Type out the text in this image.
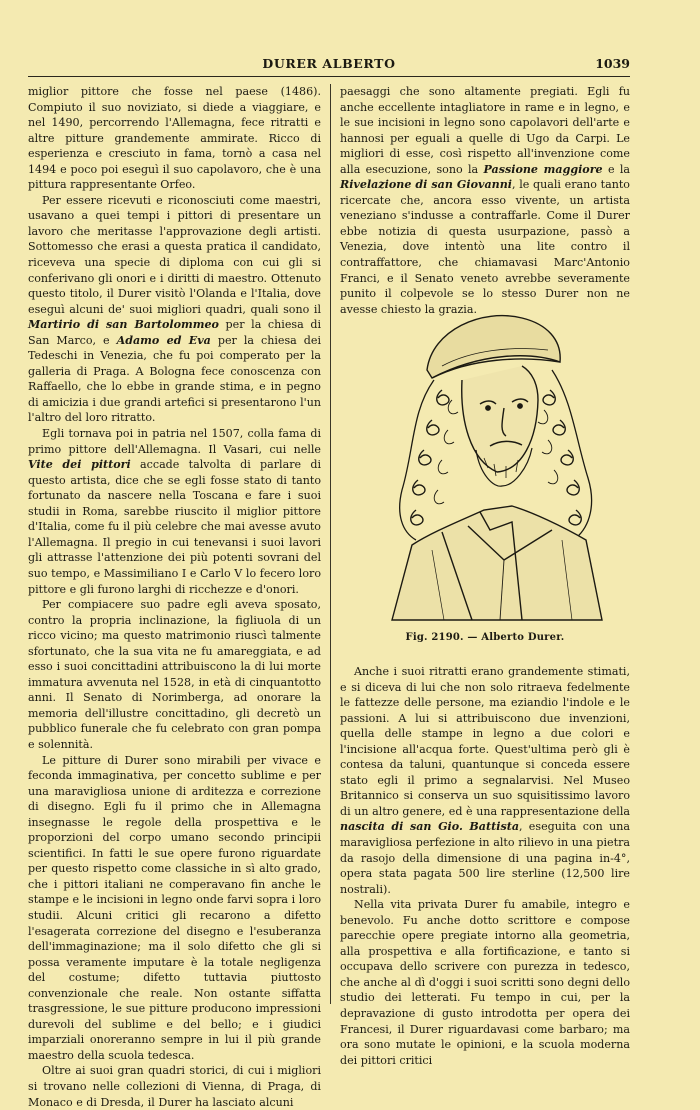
DURER ALBERTO	1039

miglior pittore che fosse nel paese (1486). Compiuto il suo noviziato, si diede a viaggiare, e nel 1490, percorrendo l'Allemagna, fece ritratti e altre pitture grandemente ammirate. Ricco di esperienza e cresciuto in fama, tornò a casa nel 1494 e poco poi eseguì il suo capolavoro, che è una pittura rappresentante Orfeo.

Per essere ricevuti e riconosciuti come maestri, usavano a quei tempi i pittori di presentare un lavoro che meritasse l'approvazione degli artisti. Sottomesso che erasi a questa pratica il candidato, riceveva una specie di diploma con cui gli si conferivano gli onori e i diritti di maestro. Ottenuto questo titolo, il Durer visitò l'Olanda e l'Italia, dove eseguì alcuni de' suoi migliori quadri, quali sono il Martirio di san Bartolommeo per la chiesa di San Marco, e Adamo ed Eva per la chiesa dei Tedeschi in Venezia, che fu poi comperato per la galleria di Praga. A Bologna fece conoscenza con Raffaello, che lo ebbe in grande stima, e in pegno di amicizia i due grandi artefici si presentarono l'un l'altro del loro ritratto.

Egli tornava poi in patria nel 1507, colla fama di primo pittore dell'Allemagna. Il Vasari, cui nelle Vite dei pittori accade talvolta di parlare di questo artista, dice che se egli fosse stato di tanto fortunato da nascere nella Toscana e fare i suoi studii in Roma, sarebbe riuscito il miglior pittore d'Italia, come fu il più celebre che mai avesse avuto l'Allemagna. Il pregio in cui tenevansi i suoi lavori gli attrasse l'attenzione dei più potenti sovrani del suo tempo, e Massimiliano I e Carlo V lo fecero loro pittore e gli furono larghi di ricchezze e d'onori.

Per compiacere suo padre egli aveva sposato, contro la propria inclinazione, la figliuola di un ricco vicino; ma questo matrimonio riuscì talmente sfortunato, che la sua vita ne fu amareggiata, e ad esso i suoi concittadini attribuiscono la di lui morte immatura avvenuta nel 1528, in età di cinquantotto anni. Il Senato di Norimberga, ad onorare la memoria dell'illustre concittadino, gli decretò un pubblico funerale che fu celebrato con gran pompa e solennità.

Le pitture di Durer sono mirabili per vivace e feconda immaginativa, per concetto sublime e per una maravigliosa unione di arditezza e correzione di disegno. Egli fu il primo che in Allemagna insegnasse le regole della prospettiva e le proporzioni del corpo umano secondo principii scientifici. In fatti le sue opere furono riguardate per questo rispetto come classiche in sì alto grado, che i pittori italiani ne comperavano fin anche le stampe e le incisioni in legno onde farvi sopra i loro studii. Alcuni critici gli recarono a difetto l'esagerata correzione del disegno e l'esuberanza dell'immaginazione; ma il solo difetto che gli si possa veramente imputare è la totale negligenza del costume; difetto tuttavia piuttosto convenzionale che reale. Non ostante siffatta trasgressione, le sue pitture producono impressioni durevoli del sublime e del bello; e i giudici imparziali onoreranno sempre in lui il più grande maestro della scuola tedesca.

Oltre ai suoi gran quadri storici, di cui i migliori si trovano nelle collezioni di Vienna, di Praga, di Monaco e di Dresda, il Durer ha lasciato alcuni

paesaggi che sono altamente pregiati. Egli fu anche eccellente intagliatore in rame e in legno, e le sue incisioni in legno sono capolavori dell'arte e hannosi per eguali a quelle di Ugo da Carpi. Le migliori di esse, così rispetto all'invenzione come alla esecuzione, sono la Passione maggiore e la Rivelazione di san Giovanni, le quali erano tanto ricercate che, ancora esso vivente, un artista veneziano s'indusse a contraffarle. Come il Durer ebbe notizia di questa usurpazione, passò a Venezia, dove intentò una lite contro il contraffattore, che chiamavasi Marc'Antonio Franci, e il Senato veneto avrebbe severamente punito il colpevole se lo stesso Durer non ne avesse chiesto la grazia.

Fig. 2190. — Alberto Durer.

Anche i suoi ritratti erano grandemente stimati, e si diceva di lui che non solo ritraeva fedelmente le fattezze delle persone, ma eziandio l'indole e le passioni. A lui si attribuiscono due invenzioni, quella delle stampe in legno a due colori e l'incisione all'acqua forte. Quest'ultima però gli è contesa da taluni, quantunque si conceda essere stato egli il primo a segnalarvisi. Nel Museo Britannico si conserva un suo squisitissimo lavoro di un altro genere, ed è una rappresentazione della nascita di san Gio. Battista, eseguita con una maravigliosa perfezione in alto rilievo in una pietra da rasojo della dimensione di una pagina in-4°, opera stata pagata 500 lire sterline (12,500 lire nostrali).

Nella vita privata Durer fu amabile, integro e benevolo. Fu anche dotto scrittore e compose parecchie opere pregiate intorno alla geometria, alla prospettiva e alla fortificazione, e tanto si occupava dello scrivere con purezza in tedesco, che anche al dì d'oggi i suoi scritti sono degni dello studio dei letterati. Fu tempo in cui, per la depravazione di gusto introdotta per opera dei Francesi, il Durer riguardavasi come barbaro; ma ora sono mutate le opinioni, e la scuola moderna dei pittori critici
